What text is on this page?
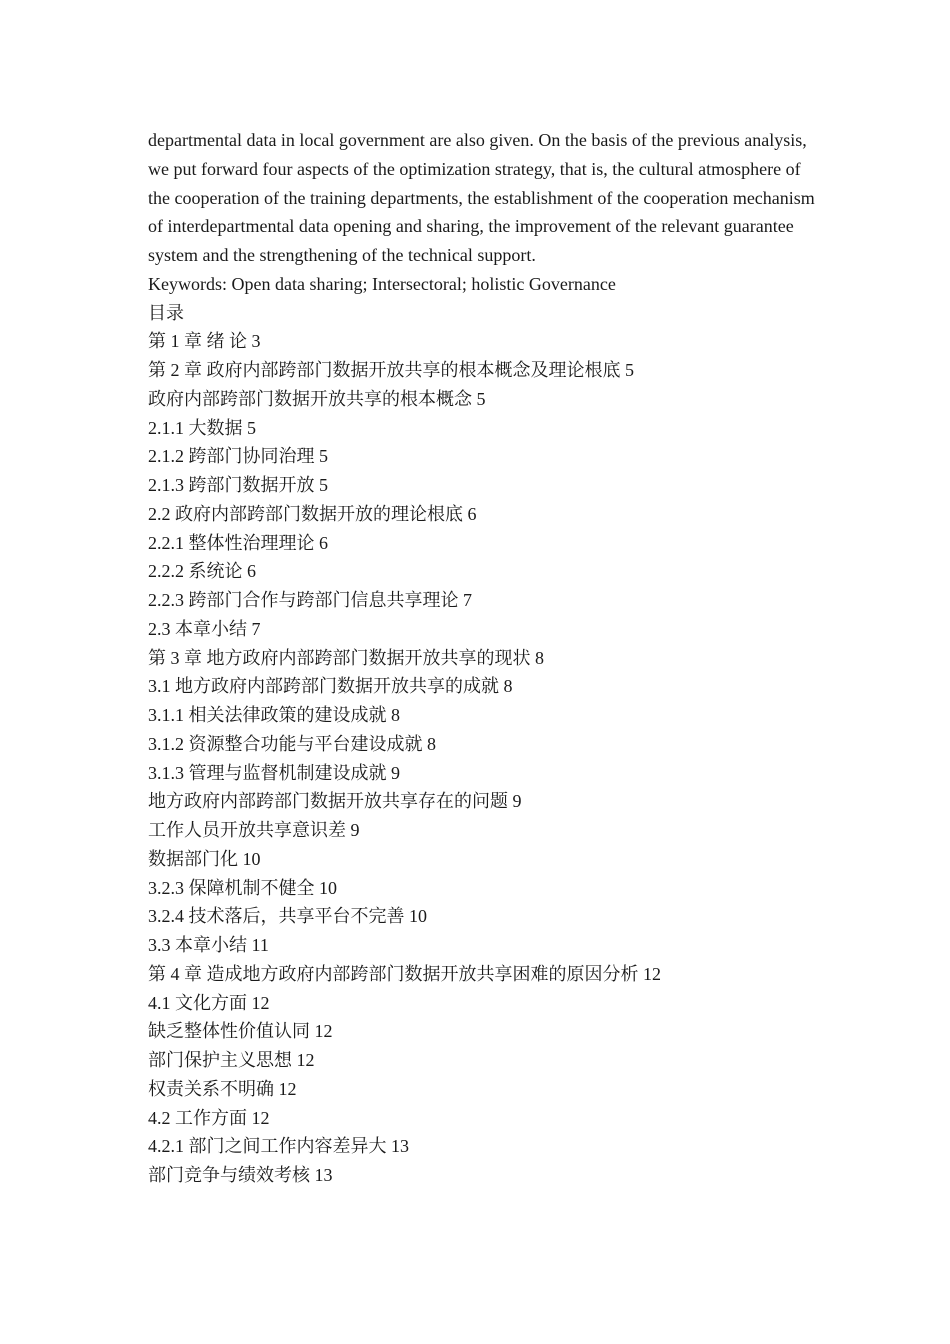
departmental data in local government are also given. On the basis of the previous analysis, we put forward four aspects of the optimization strategy, that is, the cultural atmosphere of the cooperation of the training departments, the establishment of the cooperation mechanism of interdepartmental data opening and sharing, the improvement of the relevant guarantee system and the strengthening of the technical support.

Keywords: Open data sharing; Intersectoral; holistic Governance

目录
第 1 章 绪 论 3
第 2 章 政府内部跨部门数据开放共享的根本概念及理论根底 5
政府内部跨部门数据开放共享的根本概念 5
2.1.1 大数据 5
2.1.2 跨部门协同治理 5
2.1.3 跨部门数据开放 5
2.2 政府内部跨部门数据开放的理论根底 6
2.2.1 整体性治理理论 6
2.2.2 系统论 6
2.2.3 跨部门合作与跨部门信息共享理论 7
2.3 本章小结 7
第 3 章 地方政府内部跨部门数据开放共享的现状 8
3.1 地方政府内部跨部门数据开放共享的成就 8
3.1.1 相关法律政策的建设成就 8
3.1.2 资源整合功能与平台建设成就 8
3.1.3 管理与监督机制建设成就 9
地方政府内部跨部门数据开放共享存在的问题 9
工作人员开放共享意识差 9
数据部门化 10
3.2.3 保障机制不健全 10
3.2.4 技术落后，共享平台不完善 10
3.3 本章小结 11
第 4 章 造成地方政府内部跨部门数据开放共享困难的原因分析 12
4.1 文化方面 12
缺乏整体性价值认同 12
部门保护主义思想 12
权责关系不明确 12
4.2 工作方面 12
4.2.1 部门之间工作内容差异大 13
部门竞争与绩效考核 13
